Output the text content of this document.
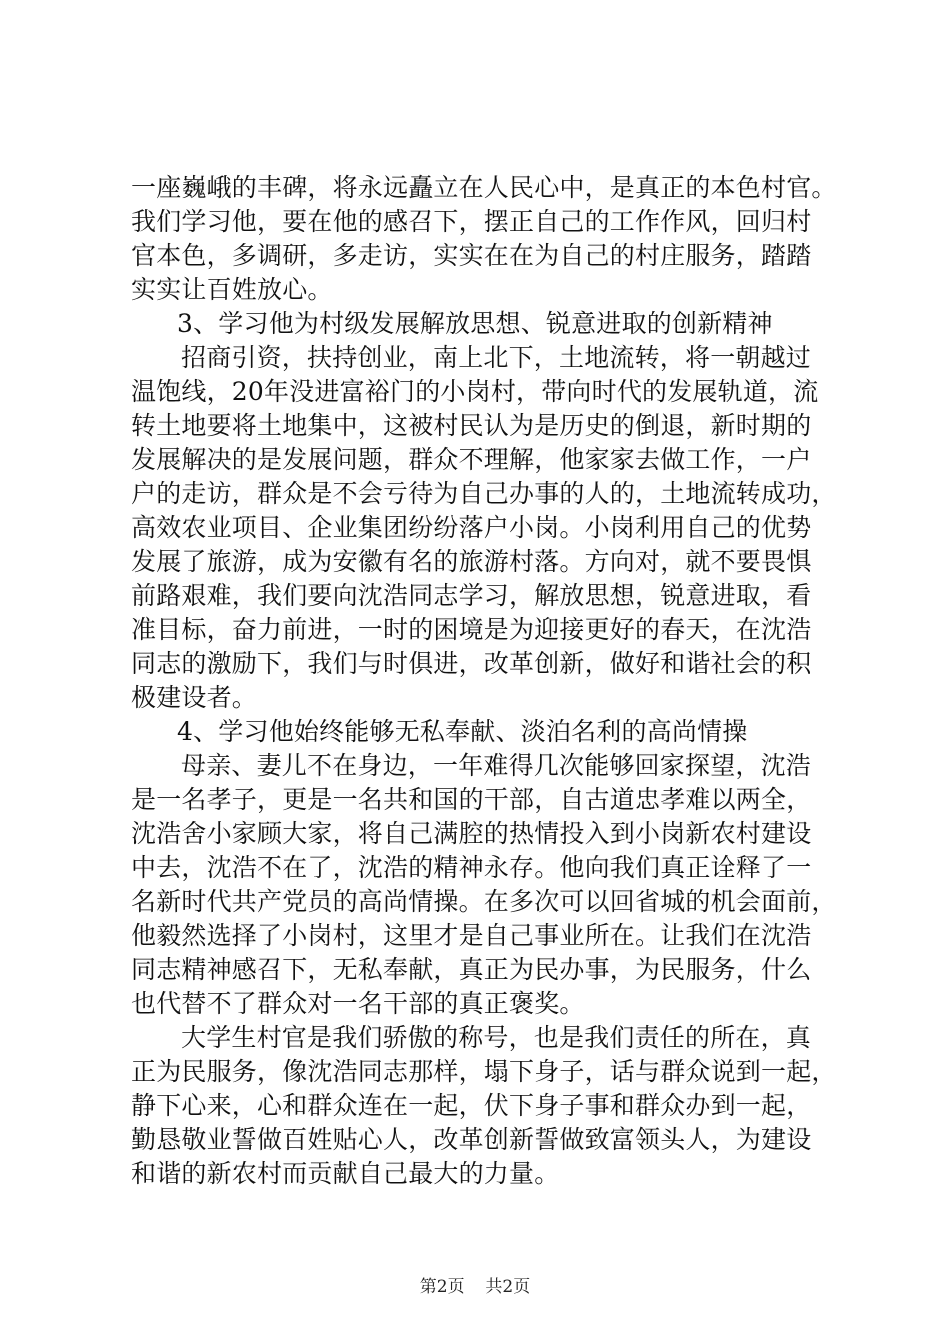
一座巍峨的丰碑，将永远矗立在人民心中，是真正的本色村官。
我们学习他，要在他的感召下，摆正自己的工作作风，回归村
官本色，多调研，多走访，实实在在为自己的村庄服务，踏踏
实实让百姓放心。
3、学习他为村级发展解放思想、锐意进取的创新精神
招商引资，扶持创业，南上北下，土地流转，将一朝越过
温饱线，20年没进富裕门的小岗村，带向时代的发展轨道，流
转土地要将土地集中，这被村民认为是历史的倒退，新时期的
发展解决的是发展问题，群众不理解，他家家去做工作，一户
户的走访，群众是不会亏待为自己办事的人的，土地流转成功，
高效农业项目、企业集团纷纷落户小岗。小岗利用自己的优势
发展了旅游，成为安徽有名的旅游村落。方向对，就不要畏惧
前路艰难，我们要向沈浩同志学习，解放思想，锐意进取，看
准目标，奋力前进，一时的困境是为迎接更好的春天，在沈浩
同志的激励下，我们与时俱进，改革创新，做好和谐社会的积
极建设者。
4、学习他始终能够无私奉献、淡泊名利的高尚情操
母亲、妻儿不在身边，一年难得几次能够回家探望，沈浩
是一名孝子，更是一名共和国的干部，自古道忠孝难以两全，
沈浩舍小家顾大家，将自己满腔的热情投入到小岗新农村建设
中去，沈浩不在了，沈浩的精神永存。他向我们真正诠释了一
名新时代共产党员的高尚情操。在多次可以回省城的机会面前，
他毅然选择了小岗村，这里才是自己事业所在。让我们在沈浩
同志精神感召下，无私奉献，真正为民办事，为民服务，什么
也代替不了群众对一名干部的真正褒奖。
大学生村官是我们骄傲的称号，也是我们责任的所在，真
正为民服务，像沈浩同志那样，塌下身子，话与群众说到一起，
静下心来，心和群众连在一起，伏下身子事和群众办到一起，
勤恳敬业誓做百姓贴心人，改革创新誓做致富领头人，为建设
和谐的新农村而贡献自己最大的力量。
第2页 共2页
